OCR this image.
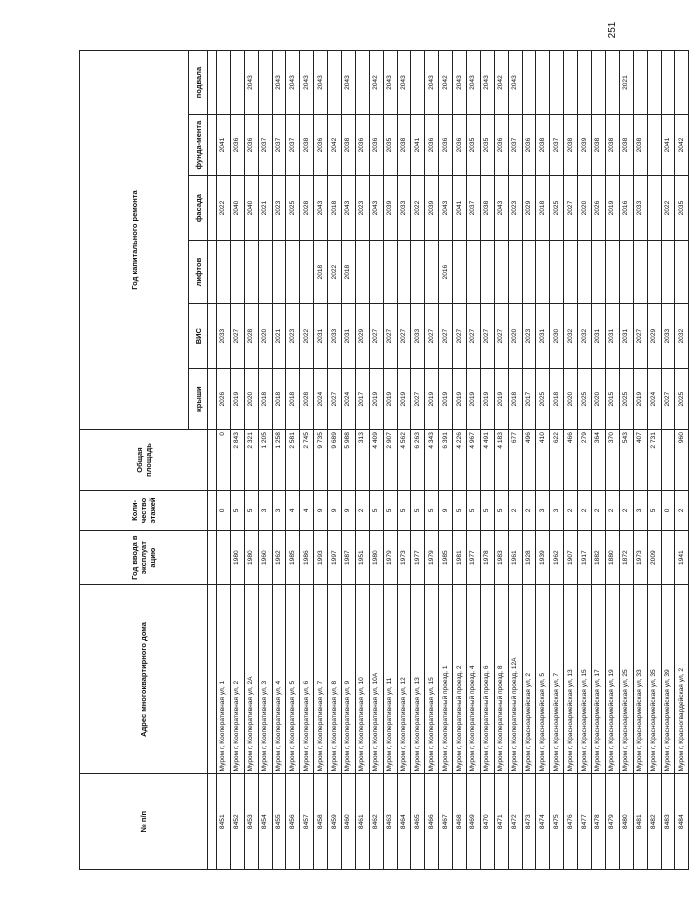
251
№ п/п	Адрес многоквартирного дома	Год ввода в эксплуат ацию	Коли-чество этажей	Общая площадь	Год капитального ремонта					
					крыши	ВИС	лифтов	фасада	фунда-мента	подвала

8451	Муром г, Кооперативная ул, 1		0	0	2026	2033		2022	2041	
8452	Муром г, Кооперативная ул, 2	1980	5	2 843	2019	2027		2040	2036	
8453	Муром г, Кооперативная ул, 2А	1980	5	2 321	2020	2028		2040	2036	2043
8454	Муром г, Кооперативная ул, 3	1960	3	1 205	2018	2020		2021	2037	
8455	Муром г, Кооперативная ул, 4	1962	3	1 258	2018	2021		2023	2037	2043
8456	Муром г, Кооперативная ул, 5	1985	4	2 581	2018	2023		2025	2037	2043
8457	Муром г, Кооперативная ул, 6	1986	4	2 745	2028	2022		2028	2038	2043
8458	Муром г, Кооперативная ул, 7	1993	9	9 735	2024	2031	2018	2043	2036	2043
8459	Муром г, Кооперативная ул, 8	1997	9	9 689	2027	2033	2022	2018	2042	
8460	Муром г, Кооперативная ул, 9	1987	9	5 988	2024	2031	2018	2043	2038	2043
8461	Муром г, Кооперативная ул, 10	1951	2	313	2017	2029		2023	2036	
8462	Муром г, Кооперативная ул, 10А	1980	5	4 409	2019	2027		2043	2036	2042
8463	Муром г, Кооперативная ул, 11	1979	5	2 907	2019	2027		2039	2035	2043
8464	Муром г, Кооперативная ул, 12	1973	5	4 562	2019	2027		2033	2038	2043
8465	Муром г, Кооперативная ул, 13	1977	5	6 263	2027	2033		2022	2041	
8466	Муром г, Кооперативная ул, 15	1979	5	4 343	2019	2027		2039	2036	2043
8467	Муром г, Кооперативный проезд, 1	1985	9	6 391	2019	2027	2016	2043	2036	2042
8468	Муром г, Кооперативный проезд, 2	1981	5	4 226	2019	2027		2041	2036	2043
8469	Муром г, Кооперативный проезд, 4	1977	5	4 967	2019	2027		2037	2035	2043
8470	Муром г, Кооперативный проезд, 6	1978	5	4 491	2019	2027		2038	2035	2043
8471	Муром г, Кооперативный проезд, 8	1983	5	4 183	2019	2027		2043	2036	2042
8472	Муром г, Кооперативный проезд, 12А	1961	2	677	2018	2020		2023	2037	2043
8473	Муром г, Красноармейская ул, 2	1928	2	496	2017	2023		2029	2036	
8474	Муром г, Красноармейская ул, 5	1939	3	410	2025	2031		2018	2038	
8475	Муром г, Красноармейская ул, 7	1962	3	622	2018	2030		2025	2037	
8476	Муром г, Красноармейская ул, 13	1907	2	466	2020	2032		2027	2038	
8477	Муром г, Красноармейская ул, 15	1917	2	279	2025	2032		2020	2039	
8478	Муром г, Красноармейская ул, 17	1882	2	364	2020	2031		2026	2038	
8479	Муром г, Красноармейская ул, 19	1880	2	370	2015	2031		2019	2038	
8480	Муром г, Красноармейская ул, 25	1872	2	543	2025	2031		2016	2038	2021
8481	Муром г, Красноармейская ул, 33	1973	3	407	2019	2027		2033	2038	
8482	Муром г, Красноармейская ул, 35	2009	5	2 731	2024	2029				
8483	Муром г, Красноармейская ул, 39		0		2027	2033		2022	2041	
8484	Муром г, Красногвардейская ул, 2	1941	2	960	2025	2032		2035	2042	
